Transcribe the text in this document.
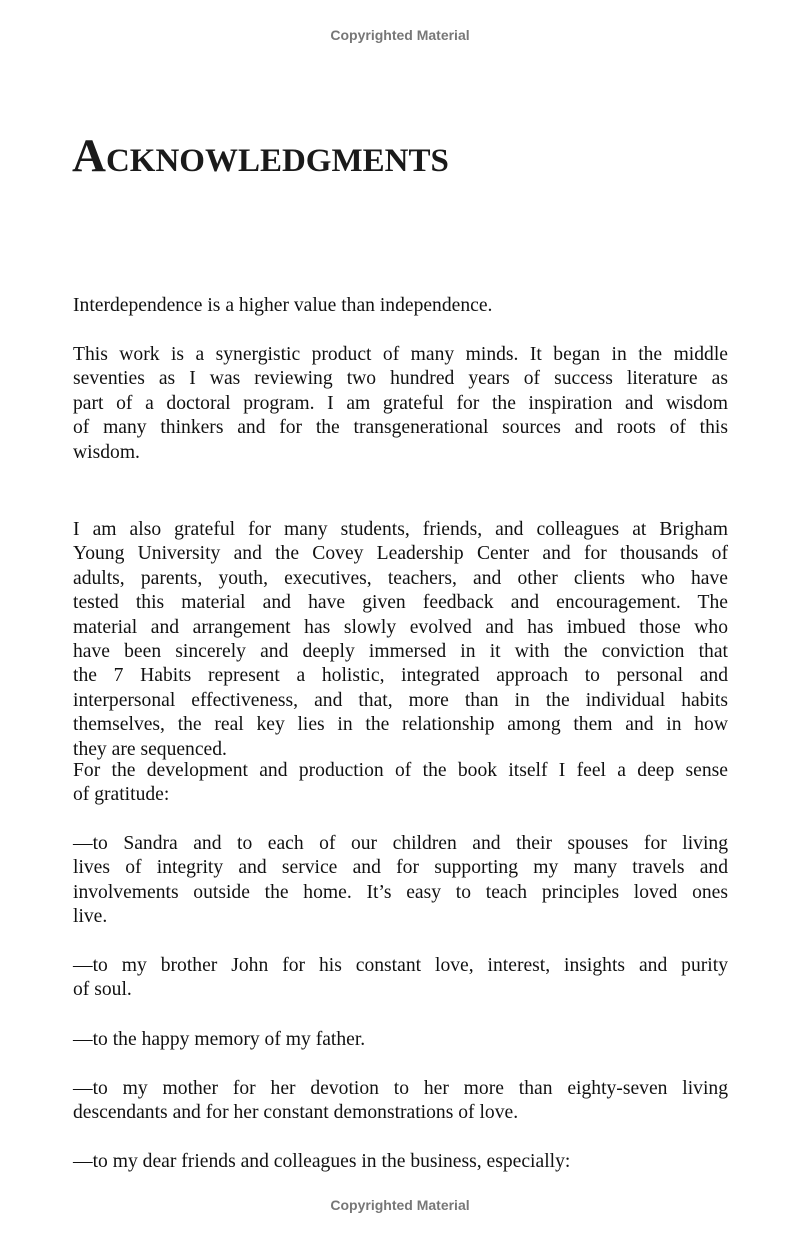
Copyrighted Material
Acknowledgments
Interdependence is a higher value than independence.
This work is a synergistic product of many minds. It began in the middle
seventies as I was reviewing two hundred years of success literature as
part of a doctoral program. I am grateful for the inspiration and wisdom
of many thinkers and for the transgenerational sources and roots of this
wisdom.
I am also grateful for many students, friends, and colleagues at Brigham
Young University and the Covey Leadership Center and for thousands of
adults, parents, youth, executives, teachers, and other clients who have
tested this material and have given feedback and encouragement. The
material and arrangement has slowly evolved and has imbued those who
have been sincerely and deeply immersed in it with the conviction that
the 7 Habits represent a holistic, integrated approach to personal and
interpersonal effectiveness, and that, more than in the individual habits
themselves, the real key lies in the relationship among them and in how
they are sequenced.
For the development and production of the book itself I feel a deep sense
of gratitude:
—to Sandra and to each of our children and their spouses for living
lives of integrity and service and for supporting my many travels and
involvements outside the home. It’s easy to teach principles loved ones
live.
—to my brother John for his constant love, interest, insights and purity
of soul.
—to the happy memory of my father.
—to my mother for her devotion to her more than eighty-seven living
descendants and for her constant demonstrations of love.
—to my dear friends and colleagues in the business, especially:
Copyrighted Material
